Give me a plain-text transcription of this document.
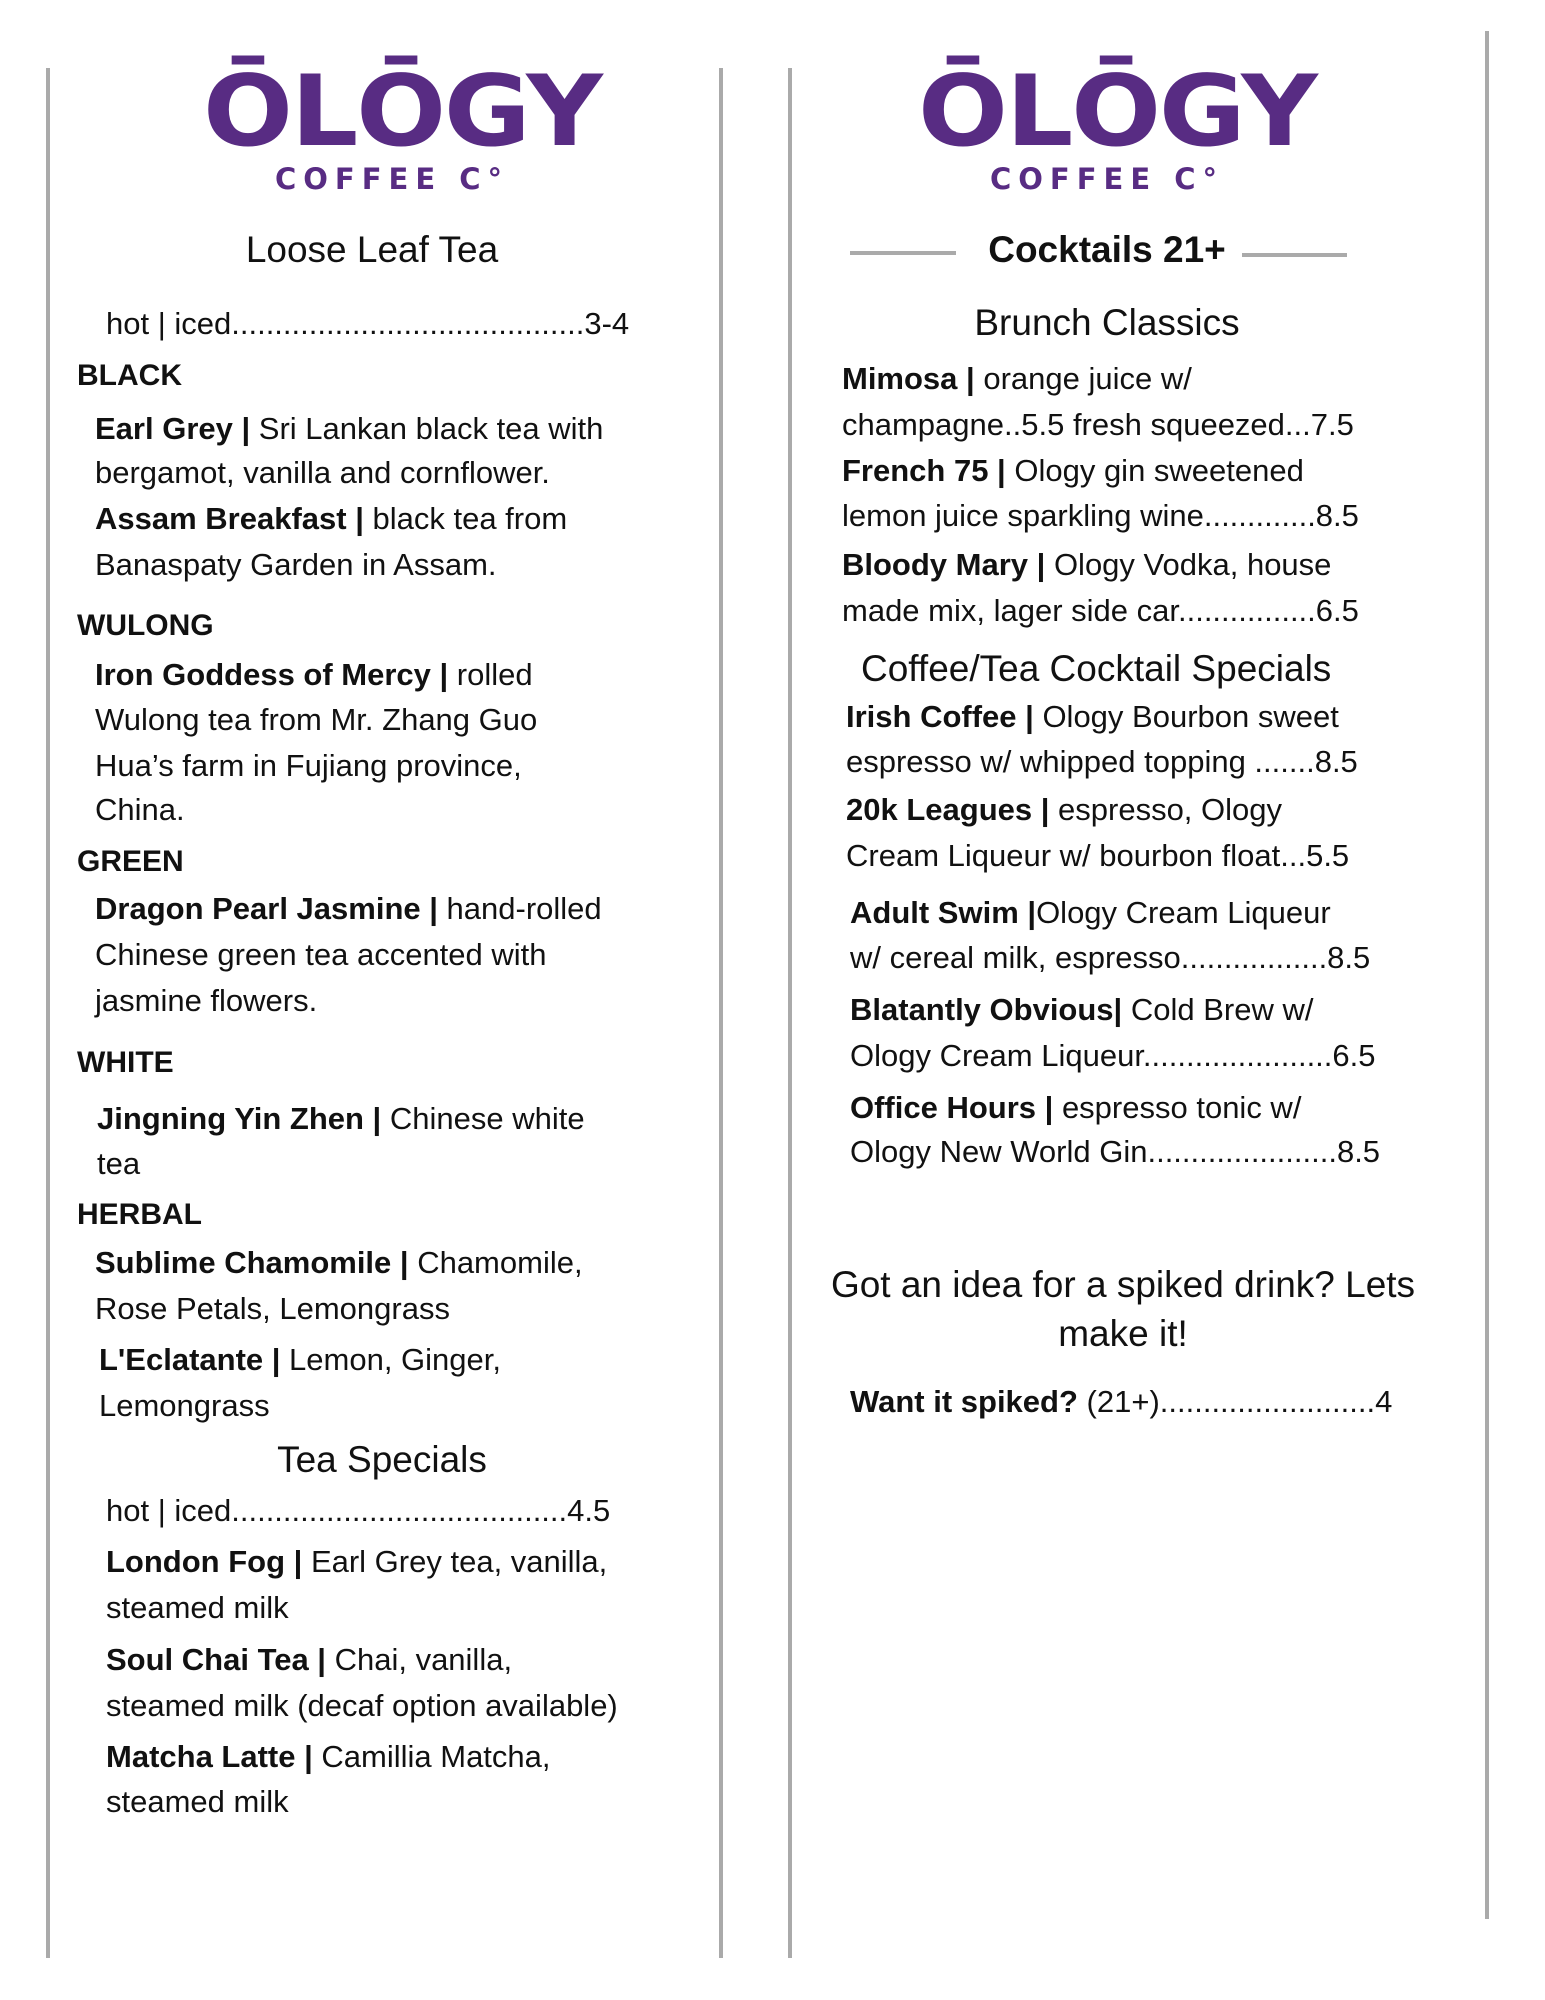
ŌLŌGY
COFFEE C°
ŌLŌGY
COFFEE C°
Loose Leaf Tea
hot | iced.........................................3-4
BLACK
Earl Grey | Sri Lankan black tea with
bergamot, vanilla and cornflower.
Assam Breakfast | black tea from
Banaspaty Garden in Assam.
WULONG
Iron Goddess of Mercy | rolled
Wulong tea from Mr. Zhang Guo
Hua’s farm in Fujiang province,
China.
GREEN
Dragon Pearl Jasmine | hand-rolled
Chinese green tea accented with
jasmine flowers.
WHITE
Jingning Yin Zhen | Chinese white
tea
HERBAL
Sublime Chamomile | Chamomile,
Rose Petals, Lemongrass
L'Eclatante | Lemon, Ginger,
Lemongrass
Tea Specials
hot | iced.......................................4.5
London Fog | Earl Grey tea, vanilla,
steamed milk
Soul Chai Tea | Chai, vanilla,
steamed milk (decaf option available)
Matcha Latte | Camillia Matcha,
steamed milk
Cocktails 21+
Brunch Classics
Mimosa | orange juice w/
champagne..5.5 fresh squeezed...7.5
French 75 | Ology gin sweetened
lemon juice sparkling wine.............8.5
Bloody Mary | Ology Vodka, house
made mix, lager side car................6.5
Coffee/Tea Cocktail Specials
Irish Coffee | Ology Bourbon sweet
espresso w/ whipped topping .......8.5
20k Leagues | espresso, Ology
Cream Liqueur w/ bourbon float...5.5
Adult Swim |Ology Cream Liqueur
w/ cereal milk, espresso.................8.5
Blatantly Obvious| Cold Brew w/
Ology Cream Liqueur......................6.5
Office Hours | espresso tonic w/
Ology New World Gin......................8.5
Got an idea for a spiked drink? Lets
make it!
Want it spiked? (21+).........................4
